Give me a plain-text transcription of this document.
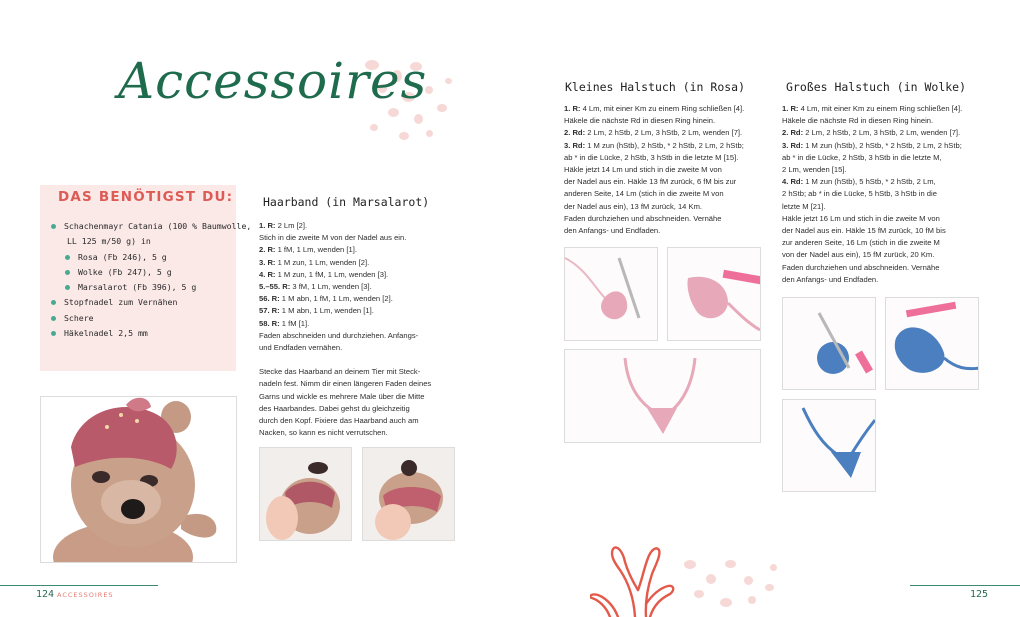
Accessoires
DAS BENÖTIGST DU:
Schachenmayr Catania (100 % Baumwolle,
LL 125 m/50 g) in
Rosa (Fb 246), 5 g
Wolke (Fb 247), 5 g
Marsalarot (Fb 396), 5 g
Stopfnadel zum Vernähen
Schere
Häkelnadel 2,5 mm
Haarband (in Marsalarot)

1. R: 2 Lm [2].

Stich in die zweite M von der Nadel aus ein.

2. R: 1 fM, 1 Lm, wenden [1].

3. R: 1 M zun, 1 Lm, wenden [2].

4. R: 1 M zun, 1 fM, 1 Lm, wenden [3].

5.–55. R: 3 fM, 1 Lm, wenden [3].

56. R: 1 M abn, 1 fM, 1 Lm, wenden [2].

57. R: 1 M abn, 1 Lm, wenden [1].

58. R: 1 fM [1].

Faden abschneiden und durchziehen. Anfangs-

und Endfaden vernähen.

Stecke das Haarband an deinem Tier mit Steck-

nadeln fest. Nimm dir einen längeren Faden deines

Garns und wickle es mehrere Male über die Mitte

des Haarbandes. Dabei gehst du gleichzeitig

durch den Kopf. Fixiere das Haarband auch am

Nacken, so kann es nicht verrutschen.

Kleines Halstuch (in Rosa)

1. R: 4 Lm, mit einer Km zu einem Ring schließen [4].

Häkele die nächste Rd in diesen Ring hinein.

2. Rd: 2 Lm, 2 hStb, 2 Lm, 3 hStb, 2 Lm, wenden [7].

3. Rd: 1 M zun (hStb), 2 hStb, * 2 hStb, 2 Lm, 2 hStb;

ab * in die Lücke, 2 hStb, 3 hStb in die letzte M [15].

Häkle jetzt 14 Lm und stich in die zweite M von

der Nadel aus ein. Häkle 13 fM zurück, 6 fM bis zur

anderen Seite, 14 Lm (stich in die zweite M von

der Nadel aus ein), 13 fM zurück, 14 Km.

Faden durchziehen und abschneiden. Vernähe

den Anfangs- und Endfaden.

Großes Halstuch (in Wolke)

1. R: 4 Lm, mit einer Km zu einem Ring schließen [4].

Häkele die nächste Rd in diesen Ring hinein.

2. Rd: 2 Lm, 2 hStb, 2 Lm, 3 hStb, 2 Lm, wenden [7].

3. Rd: 1 M zun (hStb), 2 hStb, * 2 hStb, 2 Lm, 2 hStb;

ab * in die Lücke, 2 hStb, 3 hStb in die letzte M,

2 Lm, wenden [15].

4. Rd: 1 M zun (hStb), 5 hStb, * 2 hStb, 2 Lm,

2 hStb; ab * in die Lücke, 5 hStb, 3 hStb in die

letzte M [21].

Häkle jetzt 16 Lm und stich in die zweite M von

der Nadel aus ein. Häkle 15 fM zurück, 10 fM bis

zur anderen Seite, 16 Lm (stich in die zweite M

von der Nadel aus ein), 15 fM zurück, 20 Km.

Faden durchziehen und abschneiden. Vernähe

den Anfangs- und Endfaden.

124 ACCESSOIRES	125
